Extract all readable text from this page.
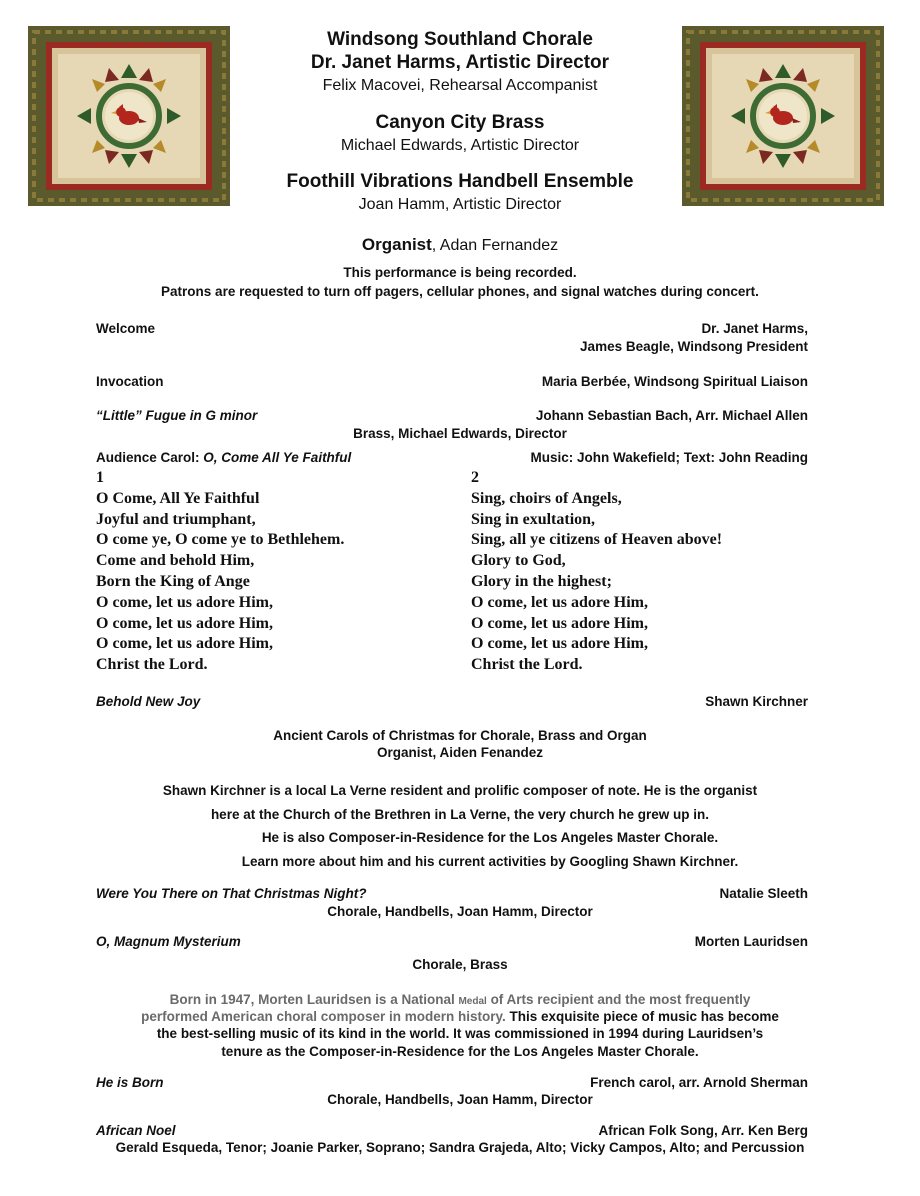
Windsong Southland Chorale
Dr. Janet Harms, Artistic Director
Felix Macovei, Rehearsal Accompanist
Canyon City Brass
Michael Edwards, Artistic Director
Foothill Vibrations Handbell Ensemble
Joan Hamm, Artistic Director
Organist, Adan Fernandez
This performance is being recorded.
Patrons are requested to turn off pagers, cellular phones, and signal watches during concert.
Welcome	Dr. Janet Harms,
James Beagle, Windsong President
Invocation	Maria Berbée, Windsong Spiritual Liaison
“Little” Fugue in G minor	Johann Sebastian Bach, Arr. Michael Allen
Brass, Michael Edwards, Director
Audience Carol: O, Come All Ye Faithful	Music: John Wakefield; Text: John Reading
1
O Come, All Ye Faithful
Joyful and triumphant,
O come ye, O come ye to Bethlehem.
Come and behold Him,
Born the King of Ange
O come, let us adore Him,
O come, let us adore Him,
O come, let us adore Him,
Christ the Lord.
2
Sing, choirs of Angels,
Sing in exultation,
Sing, all ye citizens of Heaven above!
Glory to God,
Glory in the highest;
O come, let us adore Him,
O come, let us adore Him,
O come, let us adore Him,
Christ the Lord.
Behold New Joy	Shawn Kirchner
Ancient Carols of Christmas for Chorale, Brass and Organ
Organist, Aiden Fenandez
Shawn Kirchner is a local La Verne resident and prolific composer of note. He is the organist
here at the Church of the Brethren in La Verne, the very church he grew up in.
He is also Composer-in-Residence for the Los Angeles Master Chorale.
Learn more about him and his current activities by Googling Shawn Kirchner.
Were You There on That Christmas Night?	Natalie Sleeth
Chorale, Handbells, Joan Hamm, Director
O, Magnum Mysterium	Morten Lauridsen
Chorale, Brass
Born in 1947, Morten Lauridsen is a National Medal of Arts recipient and the most frequently
performed American choral composer in modern history. This exquisite piece of music has become
the best-selling music of its kind in the world. It was commissioned in 1994 during Lauridsen’s
tenure as the Composer-in-Residence for the Los Angeles Master Chorale.
He is Born	French carol, arr. Arnold Sherman
Chorale, Handbells, Joan Hamm, Director
African Noel	African Folk Song, Arr. Ken Berg
Gerald Esqueda, Tenor; Joanie Parker, Soprano; Sandra Grajeda, Alto; Vicky Campos, Alto; and Percussion
